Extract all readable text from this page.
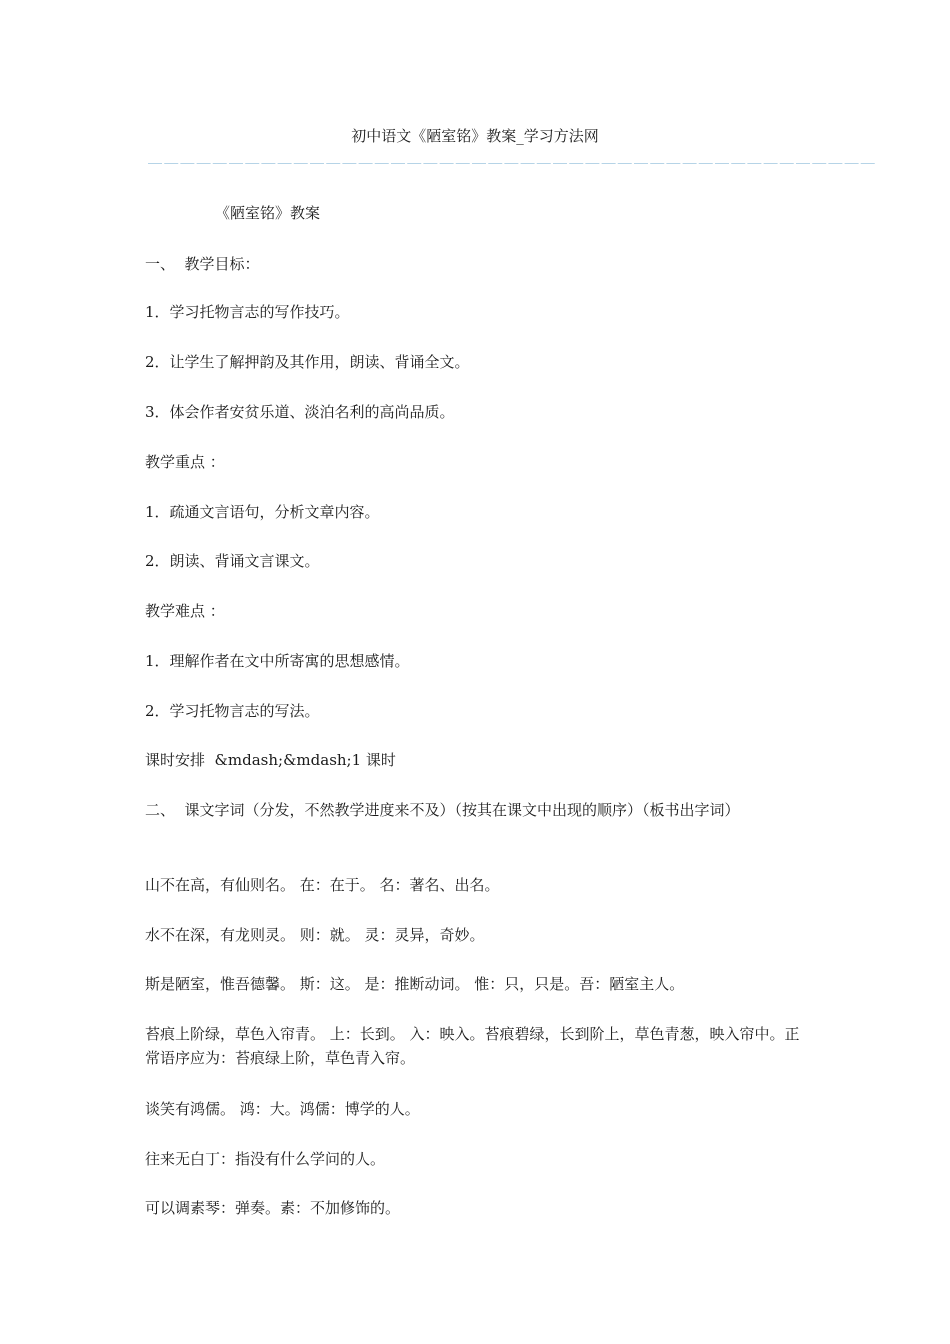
初中语文《陋室铭》教案_学习方法网
＿＿＿＿＿＿＿＿＿＿＿＿＿＿＿＿＿＿＿＿＿＿＿＿＿＿＿＿＿＿＿＿＿＿＿＿＿＿＿＿＿＿＿＿＿
《陋室铭》教案
一、  教学目标：
1．学习托物言志的写作技巧。
2．让学生了解押韵及其作用，朗读、背诵全文。
3．体会作者安贫乐道、淡泊名利的高尚品质。
教学重点 ：
1．疏通文言语句，分析文章内容。
2．朗读、背诵文言课文。
教学难点 ：
1．理解作者在文中所寄寓的思想感情。
2．学习托物言志的写法。
课时安排  &mdash;&mdash;1 课时
二、  课文字词（分发，不然教学进度来不及）（按其在课文中出现的顺序）（板书出字词）
山不在高，有仙则名。 在：在于。 名：著名、出名。
水不在深，有龙则灵。 则：就。 灵：灵异，奇妙。
斯是陋室，惟吾德馨。 斯：这。 是：推断动词。 惟：只，只是。吾：陋室主人。
苔痕上阶绿，草色入帘青。 上：长到。 入：映入。苔痕碧绿，长到阶上，草色青葱，映入帘中。正常语序应为：苔痕绿上阶，草色青入帘。
谈笑有鸿儒。 鸿：大。鸿儒：博学的人。
往来无白丁：指没有什么学问的人。
可以调素琴：弹奏。素：不加修饰的。
